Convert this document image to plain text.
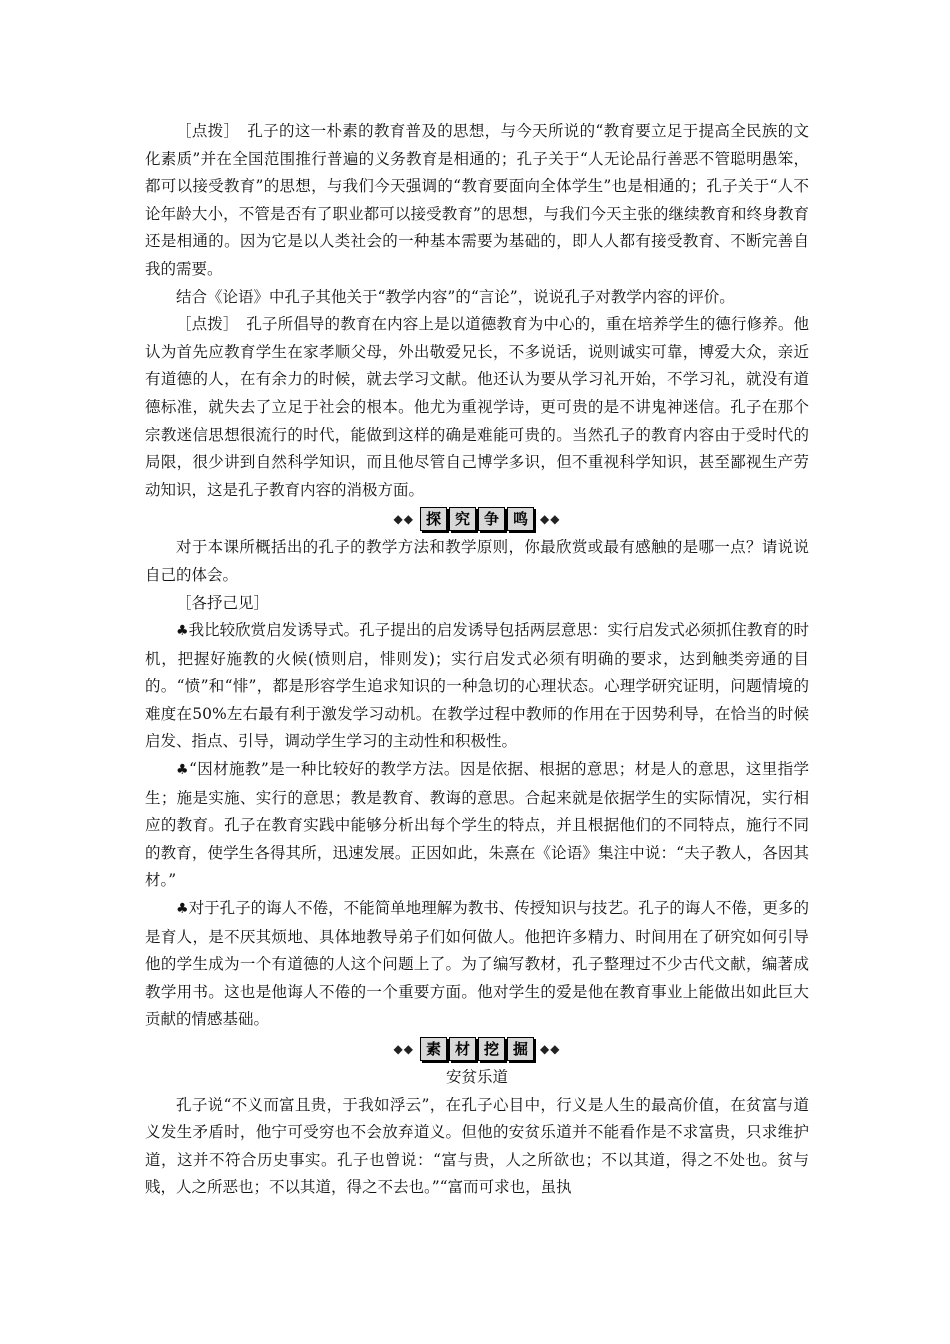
［点拨］　孔子的这一朴素的教育普及的思想，与今天所说的“教育要立足于提高全民族的文化素质”并在全国范围推行普遍的义务教育是相通的；孔子关于“人无论品行善恶不管聪明愚笨，都可以接受教育”的思想，与我们今天强调的“教育要面向全体学生”也是相通的；孔子关于“人不论年龄大小，不管是否有了职业都可以接受教育”的思想，与我们今天主张的继续教育和终身教育还是相通的。因为它是以人类社会的一种基本需要为基础的，即人人都有接受教育、不断完善自我的需要。

结合《论语》中孔子其他关于“教学内容”的“言论”，说说孔子对教学内容的评价。

［点拨］　孔子所倡导的教育在内容上是以道德教育为中心的，重在培养学生的德行修养。他认为首先应教育学生在家孝顺父母，外出敬爱兄长，不多说话，说则诚实可靠，博爱大众，亲近有道德的人，在有余力的时候，就去学习文献。他还认为要从学习礼开始，不学习礼，就没有道德标准，就失去了立足于社会的根本。他尤为重视学诗，更可贵的是不讲鬼神迷信。孔子在那个宗教迷信思想很流行的时代，能做到这样的确是难能可贵的。当然孔子的教育内容由于受时代的局限，很少讲到自然科学知识，而且他尽管自己博学多识，但不重视科学知识，甚至鄙视生产劳动知识，这是孔子教育内容的消极方面。

◆◆ 探 究 争 鸣	◆◆

对于本课所概括出的孔子的教学方法和教学原则，你最欣赏或最有感触的是哪一点？请说说自己的体会。

［各抒己见］

♣我比较欣赏启发诱导式。孔子提出的启发诱导包括两层意思：实行启发式必须抓住教育的时机，把握好施教的火候(愤则启，悱则发)；实行启发式必须有明确的要求，达到触类旁通的目的。“愤”和“悱”，都是形容学生追求知识的一种急切的心理状态。心理学研究证明，问题情境的难度在50%左右最有利于激发学习动机。在教学过程中教师的作用在于因势利导，在恰当的时候启发、指点、引导，调动学生学习的主动性和积极性。

♣“因材施教”是一种比较好的教学方法。因是依据、根据的意思；材是人的意思，这里指学生；施是实施、实行的意思；教是教育、教诲的意思。合起来就是依据学生的实际情况，实行相应的教育。孔子在教育实践中能够分析出每个学生的特点，并且根据他们的不同特点，施行不同的教育，使学生各得其所，迅速发展。正因如此，朱熹在《论语》集注中说：“夫子教人，各因其材。”

♣对于孔子的诲人不倦，不能简单地理解为教书、传授知识与技艺。孔子的诲人不倦，更多的是育人，是不厌其烦地、具体地教导弟子们如何做人。他把许多精力、时间用在了研究如何引导他的学生成为一个有道德的人这个问题上了。为了编写教材，孔子整理过不少古代文献，编著成教学用书。这也是他诲人不倦的一个重要方面。他对学生的爱是他在教育事业上能做出如此巨大贡献的情感基础。

◆◆ 素 材 挖 掘	◆◆

安贫乐道

孔子说“不义而富且贵，于我如浮云”，在孔子心目中，行义是人生的最高价值，在贫富与道义发生矛盾时，他宁可受穷也不会放弃道义。但他的安贫乐道并不能看作是不求富贵，只求维护道，这并不符合历史事实。孔子也曾说：“富与贵，人之所欲也；不以其道，得之不处也。贫与贱，人之所恶也；不以其道，得之不去也。”“富而可求也，虽执
